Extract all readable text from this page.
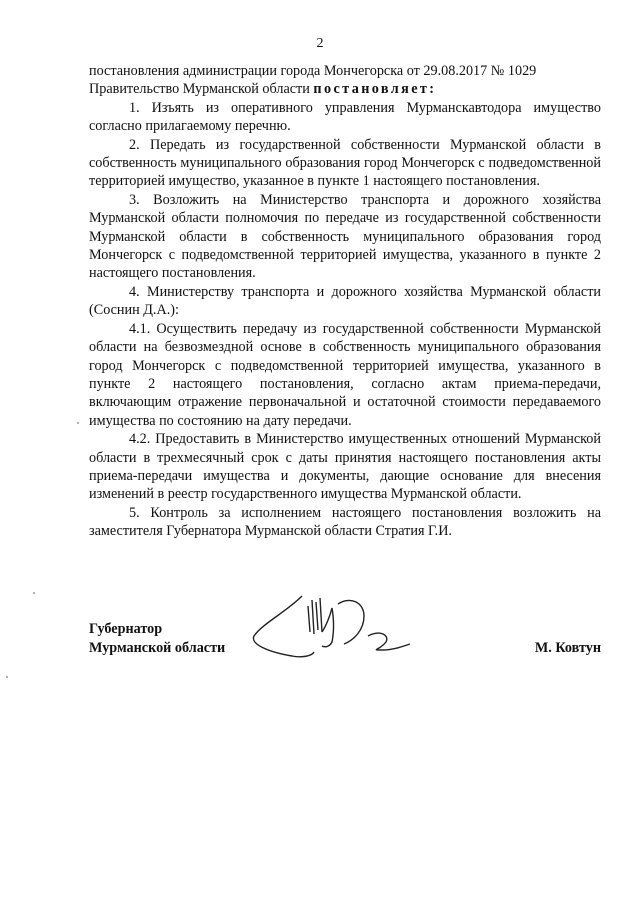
2

постановления администрации города Мончегорска от 29.08.2017 № 1029

Правительство Мурманской области постановляет:

1. Изъять из оперативного управления Мурманскавтодора имущество согласно прилагаемому перечню.

2. Передать из государственной собственности Мурманской области в собственность муниципального образования город Мончегорск с подведомственной территорией имущество, указанное в пункте 1 настоящего постановления.

3. Возложить на Министерство транспорта и дорожного хозяйства Мурманской области полномочия по передаче из государственной собственности Мурманской области в собственность муниципального образования город Мончегорск с подведомственной территорией имущества, указанного в пункте 2 настоящего постановления.

4. Министерству транспорта и дорожного хозяйства Мурманской области (Соснин Д.А.):

4.1. Осуществить передачу из государственной собственности Мурманской области на безвозмездной основе в собственность муниципального образования город Мончегорск с подведомственной территорией имущества, указанного в пункте 2 настоящего постановления, согласно актам приема-передачи, включающим отражение первоначальной и остаточной стоимости передаваемого имущества по состоянию на дату передачи.

4.2. Предоставить в Министерство имущественных отношений Мурманской области в трехмесячный срок с даты принятия настоящего постановления акты приема-передачи имущества и документы, дающие основание для внесения изменений в реестр государственного имущества Мурманской области.

5. Контроль за исполнением настоящего постановления возложить на заместителя Губернатора Мурманской области Стратия Г.И.

Губернатор
Мурманской области	М. Ковтун
